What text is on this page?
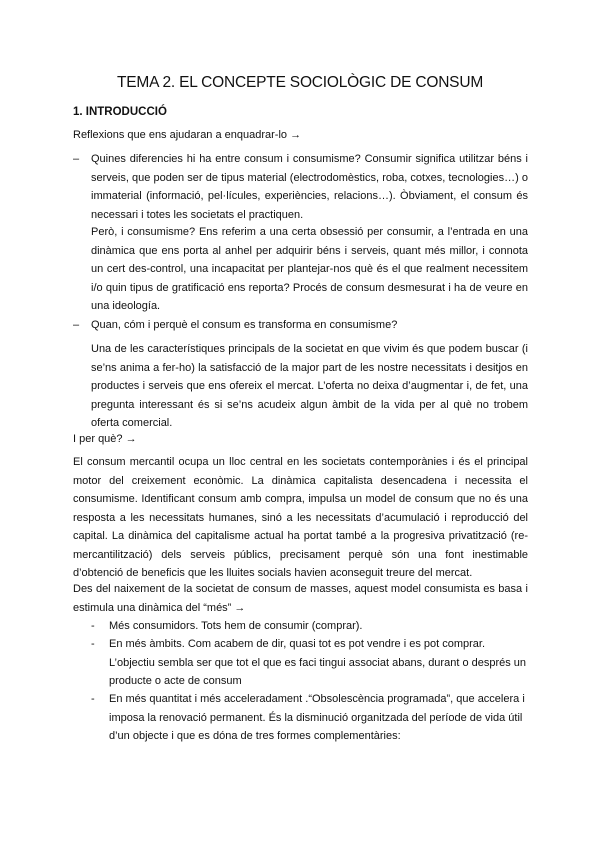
TEMA 2. EL CONCEPTE SOCIOLÒGIC DE CONSUM
1. INTRODUCCIÓ
Reflexions que ens ajudaran a enquadrar-lo →
– Quines diferencies hi ha entre consum i consumisme? Consumir significa utilitzar béns i serveis, que poden ser de tipus material (electrodomèstics, roba, cotxes, tecnologies…) o immaterial (informació, pel·lícules, experiències, relacions…). Òbviament, el consum és necessari i totes les societats el practiquen.
Però, i consumisme? Ens referim a una certa obsessió per consumir, a l’entrada en una dinàmica que ens porta al anhel per adquirir béns i serveis, quant més millor, i connota un cert des-control, una incapacitat per plantejar-nos què és el que realment necessitem i/o quin tipus de gratificació ens reporta? Procés de consum desmesurat i ha de veure en una ideología.
– Quan, cóm i perquè el consum es transforma en consumisme?
Una de les característiques principals de la societat en que vivim és que podem buscar (i se’ns anima a fer-ho) la satisfacció de la major part de les nostre necessitats i desitjos en productes i serveis que ens ofereix el mercat. L’oferta no deixa d’augmentar i, de fet, una pregunta interessant és si se’ns acudeix algun àmbit de la vida per al què no trobem oferta comercial.
I per què? →
El consum mercantil ocupa un lloc central en les societats contemporànies i és el principal motor del creixement econòmic. La dinàmica capitalista desencadena i necessita el consumisme. Identificant consum amb compra, impulsa un model de consum que no és una resposta a les necessitats humanes, sinó a les necessitats d’acumulació i reproducció del capital. La dinàmica del capitalisme actual ha portat també a la progresiva privatització (re-mercantilització) dels serveis públics, precisament perquè són una font inestimable d’obtenció de beneficis que les lluites socials havien aconseguit treure del mercat.
Des del naixement de la societat de consum de masses, aquest model consumista es basa i estimula una dinàmica del “més” →
- Més consumidors. Tots hem de consumir (comprar).
- En més àmbits. Com acabem de dir, quasi tot es pot vendre i es pot comprar. L’objectiu sembla ser que tot el que es faci tingui associat abans, durant o després un producte o acte de consum
- En més quantitat i més acceleradament .“Obsolescència programada”, que accelera i imposa la renovació permanent. És la disminució organitzada del període de vida útil d’un objecte i que es dóna de tres formes complementàries:
